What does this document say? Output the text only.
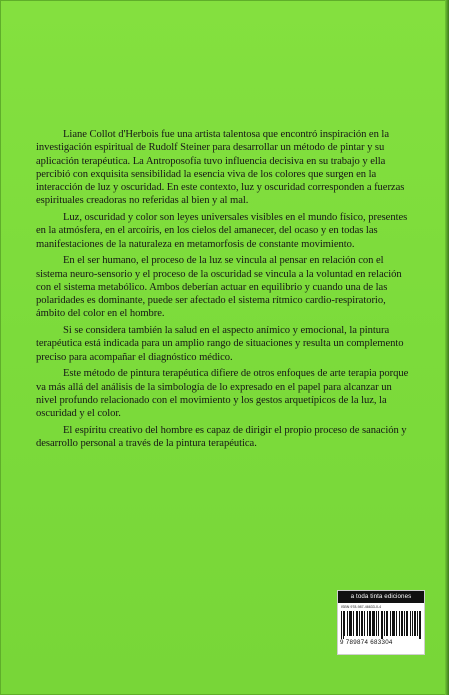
Liane Collot d'Herbois fue una artista talentosa que encontró inspiración en la investigación espiritual de Rudolf Steiner para desarrollar un método de pintar y su aplicación terapéutica. La Antroposofía tuvo influencia decisiva en su trabajo y ella percibió con exquisita sensibilidad la esencia viva de los colores que surgen en la interacción de luz y oscuridad. En este contexto, luz y oscuridad corresponden a fuerzas espirituales creadoras no referidas al bien y al mal.

Luz, oscuridad y color son leyes universales visibles en el mundo físico, presentes en la atmósfera, en el arcoíris, en los cielos del amanecer, del ocaso y en todas las manifestaciones de la naturaleza en metamorfosis de constante movimiento.

En el ser humano, el proceso de la luz se vincula al pensar en relación con el sistema neuro-sensorio y el proceso de la oscuridad se vincula a la voluntad en relación con el sistema metabólico. Ambos deberían actuar en equilibrio y cuando una de las polaridades es dominante, puede ser afectado el sistema rítmico cardio-respiratorio, ámbito del color en el hombre.

Si se considera también la salud en el aspecto anímico y emocional, la pintura terapéutica está indicada para un amplio rango de situaciones y resulta un complemento preciso para acompañar el diagnóstico médico.

Este método de pintura terapéutica difiere de otros enfoques de arte terapia porque va más allá del análisis de la simbología de lo expresado en el papel para alcanzar un nivel profundo relacionado con el movimiento y los gestos arquetípicos de la luz, la oscuridad y el color.

El espíritu creativo del hombre es capaz de dirigir el propio proceso de sanación y desarrollo personal a través de la pintura terapéutica.

a toda tinta ediciones
ISBN 978-987-46633-0-4
9 789874 683304
